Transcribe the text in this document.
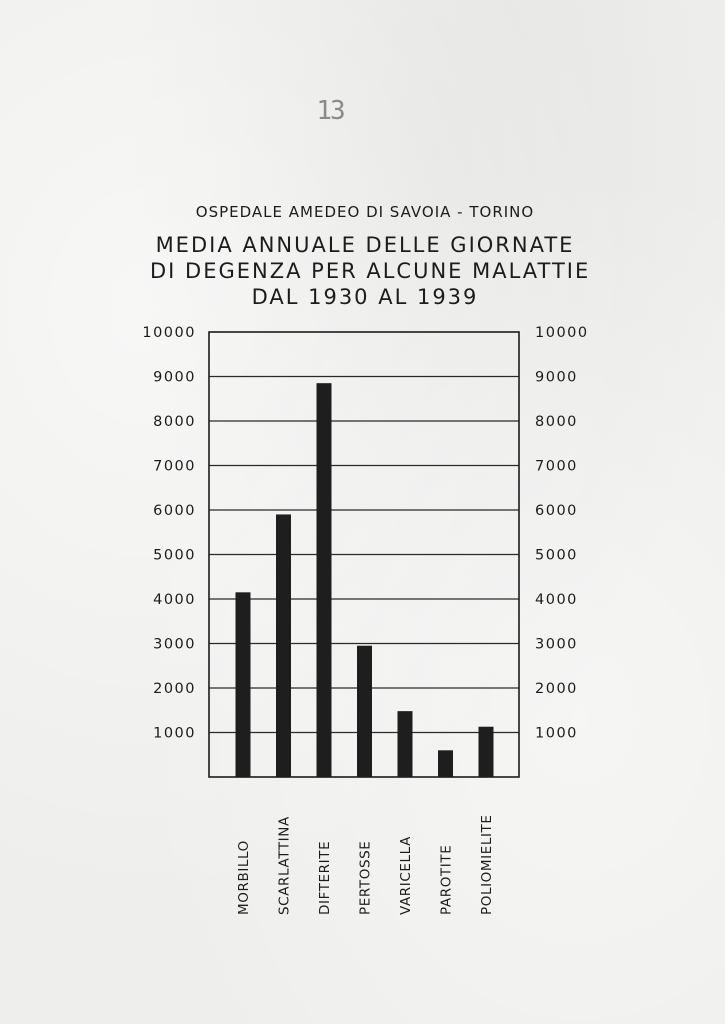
13
OSPEDALE AMEDEO DI SAVOIA - TORINO
MEDIA ANNUALE DELLE GIORNATE
DI DEGENZA PER ALCUNE MALATTIE
DAL 1930 AL 1939
1000	1000
2000	2000
3000	3000
4000	4000
5000	5000
6000	6000
7000	7000
8000	8000
9000	9000
10000	10000
MORBILLO SCARLATTINA DIFTERITE PERTOSSE VARICELLA PAROTITE POLIOMIELITE
